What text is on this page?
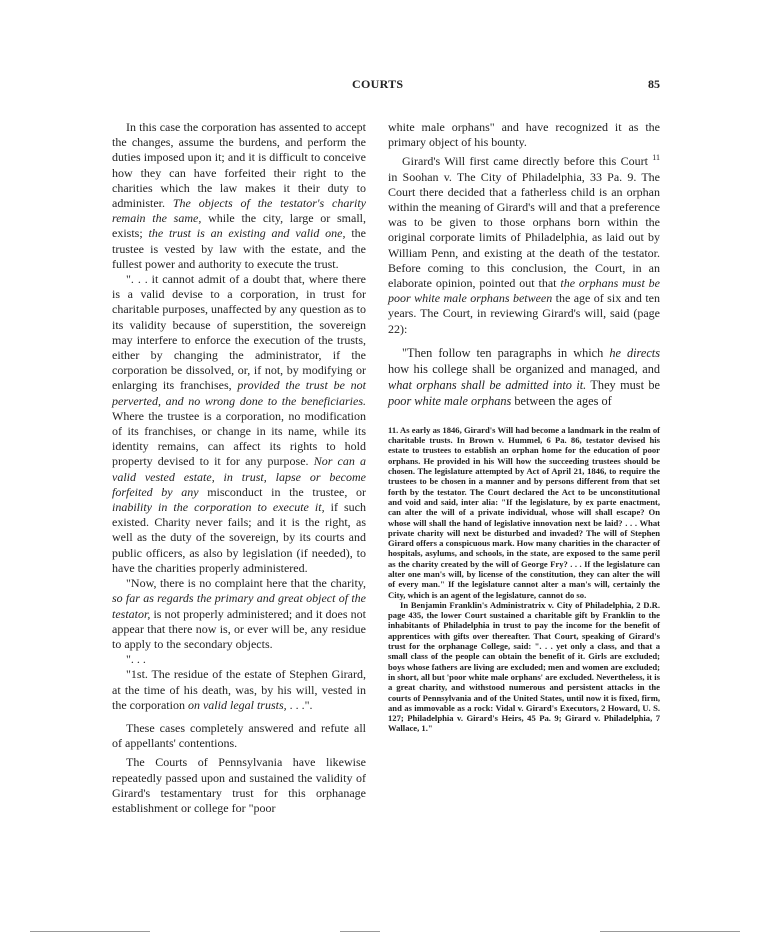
COURTS	85

In this case the corporation has assented to accept the changes, assume the burdens, and perform the duties imposed upon it; and it is difficult to conceive how they can have forfeited their right to the charities which the law makes it their duty to administer. The objects of the testator's charity remain the same, while the city, large or small, exists; the trust is an existing and valid one, the trustee is vested by law with the estate, and the fullest power and authority to execute the trust.

". . . it cannot admit of a doubt that, where there is a valid devise to a corporation, in trust for charitable purposes, unaffected by any question as to its validity because of superstition, the sovereign may interfere to enforce the execution of the trusts, either by changing the administrator, if the corporation be dissolved, or, if not, by modifying or enlarging its franchises, provided the trust be not perverted, and no wrong done to the beneficiaries. Where the trustee is a corporation, no modification of its franchises, or change in its name, while its identity remains, can affect its rights to hold property devised to it for any purpose. Nor can a valid vested estate, in trust, lapse or become forfeited by any misconduct in the trustee, or inability in the corporation to execute it, if such existed. Charity never fails; and it is the right, as well as the duty of the sovereign, by its courts and public officers, as also by legislation (if needed), to have the charities properly administered.

"Now, there is no complaint here that the charity, so far as regards the primary and great object of the testator, is not properly administered; and it does not appear that there now is, or ever will be, any residue to apply to the secondary objects.

". . .

"1st. The residue of the estate of Stephen Girard, at the time of his death, was, by his will, vested in the corporation on valid legal trusts, . . .".

These cases completely answered and refute all of appellants' contentions.

The Courts of Pennsylvania have likewise repeatedly passed upon and sustained the validity of Girard's testamentary trust for this orphanage establishment or college for "poor

white male orphans" and have recognized it as the primary object of his bounty.

Girard's Will first came directly before this Court $^{11}$ in Soohan v. The City of Philadelphia, 33 Pa. 9. The Court there decided that a fatherless child is an orphan within the meaning of Girard's will and that a preference was to be given to those orphans born within the original corporate limits of Philadelphia, as laid out by William Penn, and existing at the death of the testator. Before coming to this conclusion, the Court, in an elaborate opinion, pointed out that the orphans must be poor white male orphans between the age of six and ten years. The Court, in reviewing Girard's will, said (page 22):

"Then follow ten paragraphs in which he directs how his college shall be organized and managed, and what orphans shall be admitted into it. They must be poor white male orphans between the ages of

11. As early as 1846, Girard's Will had become a landmark in the realm of charitable trusts. In Brown v. Hummel, 6 Pa. 86, testator devised his estate to trustees to establish an orphan home for the education of poor orphans. He provided in his Will how the succeeding trustees should be chosen. The legislature attempted by Act of April 21, 1846, to require the trustees to be chosen in a manner and by persons different from that set forth by the testator. The Court declared the Act to be unconstitutional and void and said, inter alia: "If the legislature, by ex parte enactment, can alter the will of a private individual, whose will shall escape? On whose will shall the hand of legislative innovation next be laid? . . . What private charity will next be disturbed and invaded? The will of Stephen Girard offers a conspicuous mark. How many charities in the character of hospitals, asylums, and schools, in the state, are exposed to the same peril as the charity created by the will of George Fry? . . . If the legislature can alter one man's will, by license of the constitution, they can alter the will of every man." If the legislature cannot alter a man's will, certainly the City, which is an agent of the legislature, cannot do so.

In Benjamin Franklin's Administratrix v. City of Philadelphia, 2 D.R. page 435, the lower Court sustained a charitable gift by Franklin to the inhabitants of Philadelphia in trust to pay the income for the benefit of apprentices with gifts over thereafter. That Court, speaking of Girard's trust for the orphanage College, said: ". . . yet only a class, and that a small class of the people can obtain the benefit of it. Girls are excluded; boys whose fathers are living are excluded; men and women are excluded; in short, all but 'poor white male orphans' are excluded. Nevertheless, it is a great charity, and withstood numerous and persistent attacks in the courts of Pennsylvania and of the United States, until now it is fixed, firm, and as immovable as a rock: Vidal v. Girard's Executors, 2 Howard, U. S. 127; Philadelphia v. Girard's Heirs, 45 Pa. 9; Girard v. Philadelphia, 7 Wallace, 1."
